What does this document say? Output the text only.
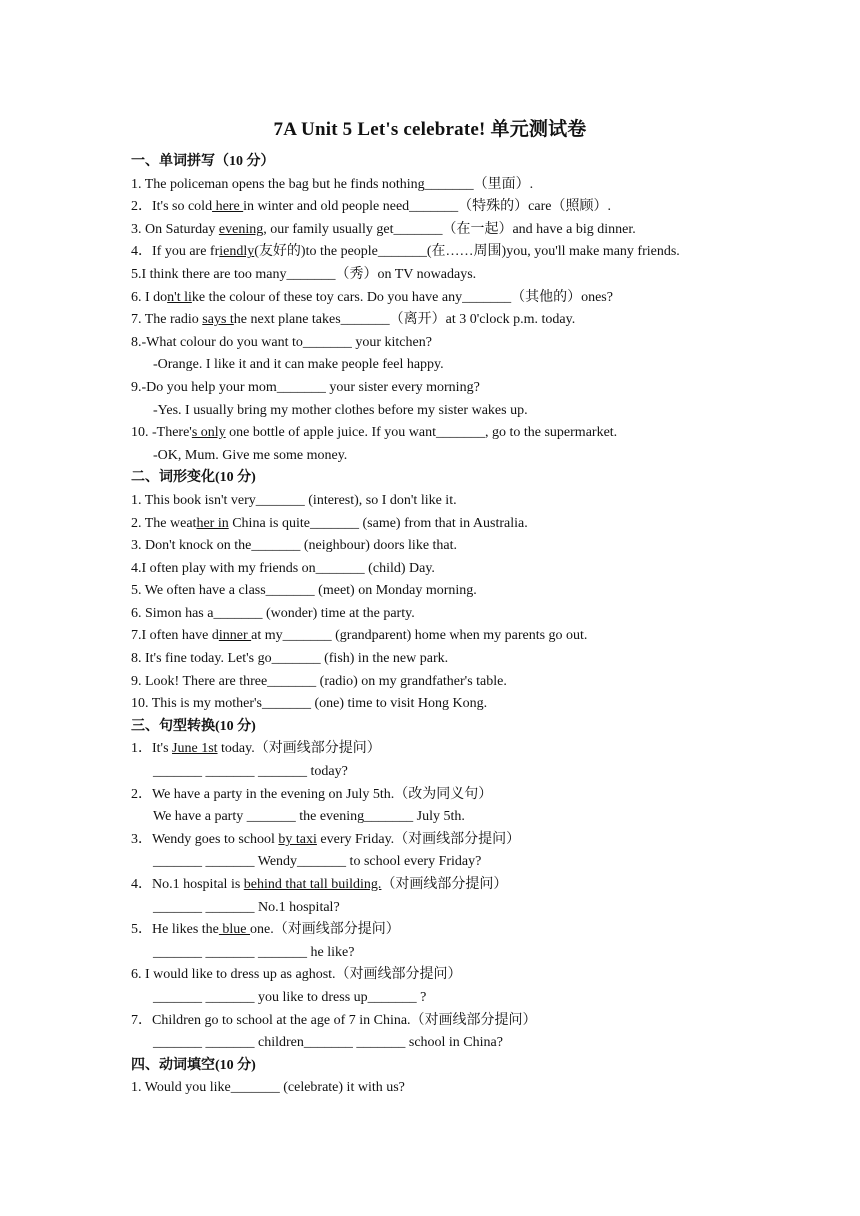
7A Unit 5 Let's celebrate! 单元测试卷
一、单词拼写（10 分）
1. The policeman opens the bag but he finds nothing_______（里面）.
2．It's so cold here in winter and old people need_______（特殊的）care（照顾）.
3. On Saturday evening, our family usually get_______（在一起）and have a big dinner.
4．If you are friendly(友好的)to the people_______(在……周围)you, you'll make many friends.
5.I think there are too many_______（秀）on TV nowadays.
6. I don't like the colour of these toy cars. Do you have any_______（其他的）ones?
7. The radio says the next plane takes_______（离开）at 3 0'clock p.m. today.
8.-What colour do you want to_______ your kitchen?
-Orange. I like it and it can make people feel happy.
9.-Do you help your mom_______ your sister every morning?
-Yes. I usually bring my mother clothes before my sister wakes up.
10. -There's only one bottle of apple juice. If you want_______, go to the supermarket.
-OK, Mum. Give me some money.
二、词形变化(10 分)
1. This book isn't very_______ (interest), so I don't like it.
2. The weather in China is quite_______ (same) from that in Australia.
3. Don't knock on the_______ (neighbour) doors like that.
4.I often play with my friends on_______ (child) Day.
5. We often have a class_______ (meet) on Monday morning.
6. Simon has a_______ (wonder) time at the party.
7.I often have dinner at my_______ (grandparent) home when my parents go out.
8. It's fine today. Let's go_______ (fish) in the new park.
9. Look! There are three_______ (radio) on my grandfather's table.
10. This is my mother's_______ (one) time to visit Hong Kong.
三、句型转换(10 分)
1．It's June 1st today.（对画线部分提问）
_______ _______ _______ today?
2．We have a party in the evening on July 5th.（改为同义句）
We have a party _______ the evening_______ July 5th.
3．Wendy goes to school by taxi every Friday.（对画线部分提问）
_______ _______ Wendy_______ to school every Friday?
4．No.1 hospital is behind that tall building.（对画线部分提问）
_______ _______ No.1 hospital?
5．He likes the blue one.（对画线部分提问）
_______ _______ _______ he like?
6. I would like to dress up as aghost.（对画线部分提问）
_______ _______ you like to dress up_______ ?
7．Children go to school at the age of 7 in China.（对画线部分提问）
_______ _______ children_______ _______ school in China?
四、动词填空(10 分)
1. Would you like_______ (celebrate) it with us?
